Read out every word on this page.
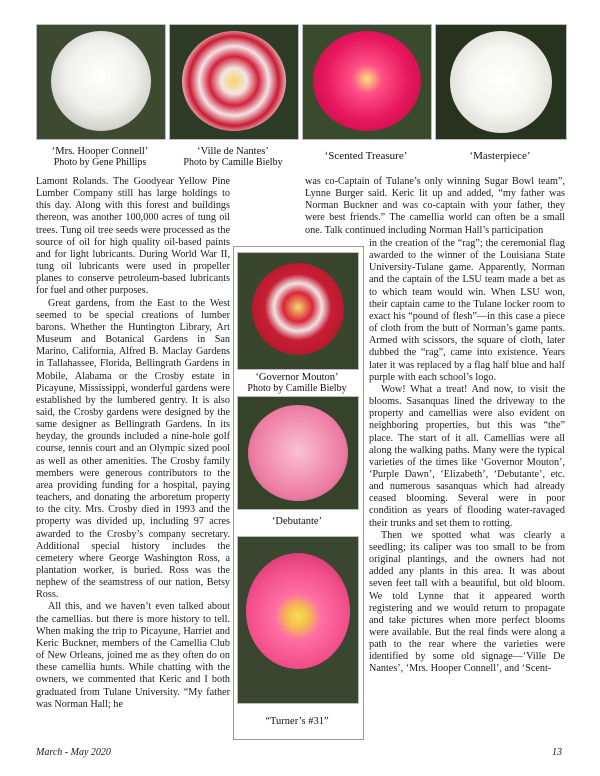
‘Mrs. Hooper Connell’
Photo by Gene Phillips
‘Ville de Nantes’
Photo by Camille Bielby
‘Scented Treasure’	‘Masterpiece’

Lamont Rolands. The Goodyear Yellow Pine Lumber Company still has large holdings to this day. Along with this forest and buildings thereon, was another 100,000 acres of tung oil trees. Tung oil tree seeds were processed as the source of oil for high quality oil-based paints and for light lubricants. During World War II, tung oil lubricants were used in propeller planes to conserve petroleum-based lubricants for fuel and other purposes.

Great gardens, from the East to the West seemed to be special creations of lumber barons. Whether the Huntington Library, Art Museum and Botanical Gardens in San Marino, California, Alfred B. Maclay Gardens in Tallahassee, Florida, Bellingrath Gardens in Mobile, Alabama or the Crosby estate in Picayune, Mississippi, wonderful gardens were established by the lumbered gentry. It is also said, the Crosby gardens were designed by the same designer as Bellingrath Gardens. In its heyday, the grounds included a nine-hole golf course, tennis court and an Olympic sized pool as well as other amenities. The Crosby family members were generous contributors to the area providing funding for a hospital, paying teachers, and donating the arboretum property to the city. Mrs. Crosby died in 1993 and the property was divided up, including 97 acres awarded to the Crosby’s company secretary. Additional special history includes the cemetery where George Washington Ross, a plantation worker, is buried. Ross was the nephew of the seamstress of our nation, Betsy Ross.

All this, and we haven’t even talked about the camellias. but there is more history to tell. When making the trip to Picayune, Harriet and Keric Buckner, members of the Camellia Club of New Orleans, joined me as they often do on these camellia hunts. While chatting with the owners, we commented that Keric and I both graduated from Tulane University. “My father was Norman Hall; he

was co-Captain of Tulane’s only winning Sugar Bowl team”, Lynne Burger said. Keric lit up and added, “my father was Norman Buckner and was co-captain with your father, they were best friends.” The camellia world can often be a small one. Talk continued including Norman Hall’s participation

in the creation of the “rag”; the ceremonial flag awarded to the winner of the Louisiana State University-Tulane game. Apparently, Norman and the captain of the LSU team made a bet as to which team would win. When LSU won, their captain came to the Tulane locker room to exact his “pound of flesh”—in this case a piece of cloth from the butt of Norman’s game pants. Armed with scissors, the square of cloth, later dubbed the “rag”, came into existence. Years later it was replaced by a flag half blue and half purple with each school’s logo.

Wow! What a treat! And now, to visit the blooms. Sasanquas lined the driveway to the property and camellias were also evident on neighboring properties, but this was “the” place. The start of it all. Camellias were all along the walking paths. Many were the typical varieties of the times like ‘Governor Mouton’, ‘Purple Dawn’, ‘Elizabeth’, ‘Debutante’, etc. and numerous sasanquas which had already ceased blooming. Several were in poor condition as years of flooding water-ravaged their trunks and set them to rotting.

Then we spotted what was clearly a seedling; its caliper was too small to be from original plantings, and the owners had not added any plants in this area. It was about seven feet tall with a beautiful, but old bloom. We told Lynne that it appeared worth registering and we would return to propagate and take pictures when more perfect blooms were available. But the real finds were along a path to the rear where the varieties were identified by some old signage—‘Ville De Nantes’, ‘Mrs. Hooper Connell’, and ‘Scent-

‘Governor Mouton’
Photo by Camille Bielby
‘Debutante’
“Turner’s #31”
March - May 2020	13
